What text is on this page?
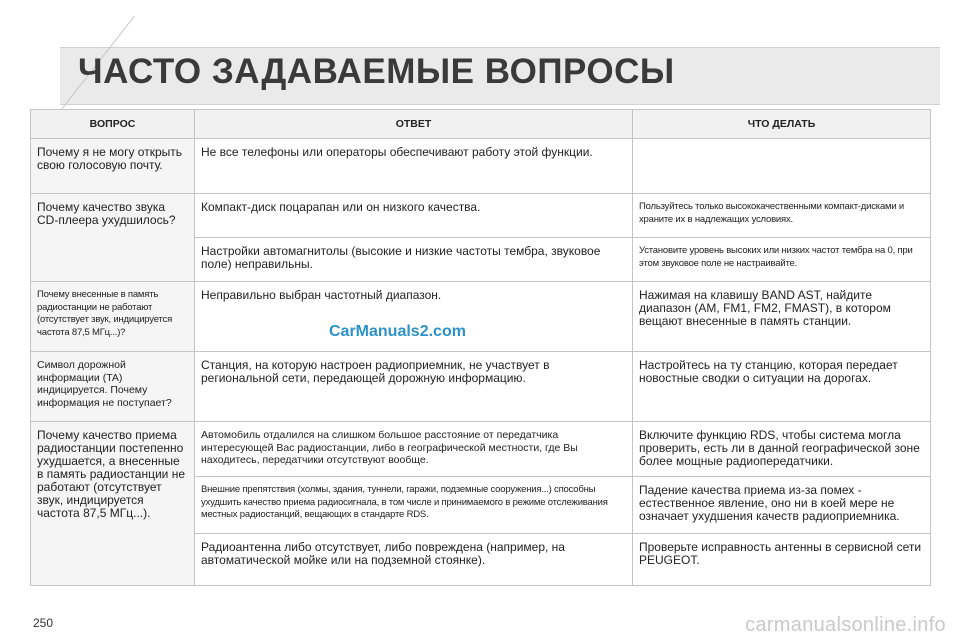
ЧАСТО ЗАДАВАЕМЫЕ ВОПРОСЫ
ВОПРОС	ОТВЕТ	ЧТО ДЕЛАТЬ
Почему я не могу открыть свою голосовую почту.	Не все телефоны или операторы обеспечивают работу этой функции.	
Почему качество звука CD-плеера ухудшилось?	Компакт-диск поцарапан или он низкого качества.	Пользуйтесь только высококачественными компакт-дисками и храните их в надлежащих условиях.
	Настройки автомагнитолы (высокие и низкие частоты тембра, звуковое поле) неправильны.	Установите уровень высоких или низких частот тембра на 0, при этом звуковое поле не настраивайте.
Почему внесенные в память радиостанции не работают (отсутствует звук, индицируется частота 87,5 МГц...)?	Неправильно выбран частотный диапазон.	Нажимая на клавишу BAND AST, найдите диапазон (AM, FM1, FM2, FMAST), в котором вещают внесенные в память станции.
Символ дорожной информации (TA) индицируется. Почему информация не поступает?	Станция, на которую настроен радиоприемник, не участвует в региональной сети, передающей дорожную информацию.	Настройтесь на ту станцию, которая передает новостные сводки о ситуации на дорогах.
Почему качество приема радиостанции постепенно ухудшается, а внесенные в память радиостанции не работают (отсутствует звук, индицируется частота 87,5 МГц...).	Автомобиль отдалился на слишком большое расстояние от передатчика интересующей Вас радиостанции, либо в географической местности, где Вы находитесь, передатчики отсутствуют вообще.	Включите функцию RDS, чтобы система могла проверить, есть ли в данной географической зоне более мощные радиопередатчики.
	Внешние препятствия (холмы, здания, туннели, гаражи, подземные сооружения...) способны ухудшить качество приема радиосигнала, в том числе и принимаемого в режиме отслеживания местных радиостанций, вещающих в стандарте RDS.	Падение качества приема из-за помех - естественное явление, оно ни в коей мере не означает ухудшения качеств радиоприемника.
	Радиоантенна либо отсутствует, либо повреждена (например, на автоматической мойке или на подземной стоянке).	Проверьте исправность антенны в сервисной сети PEUGEOT.
CarManuals2.com
carmanualsonline.info
250
